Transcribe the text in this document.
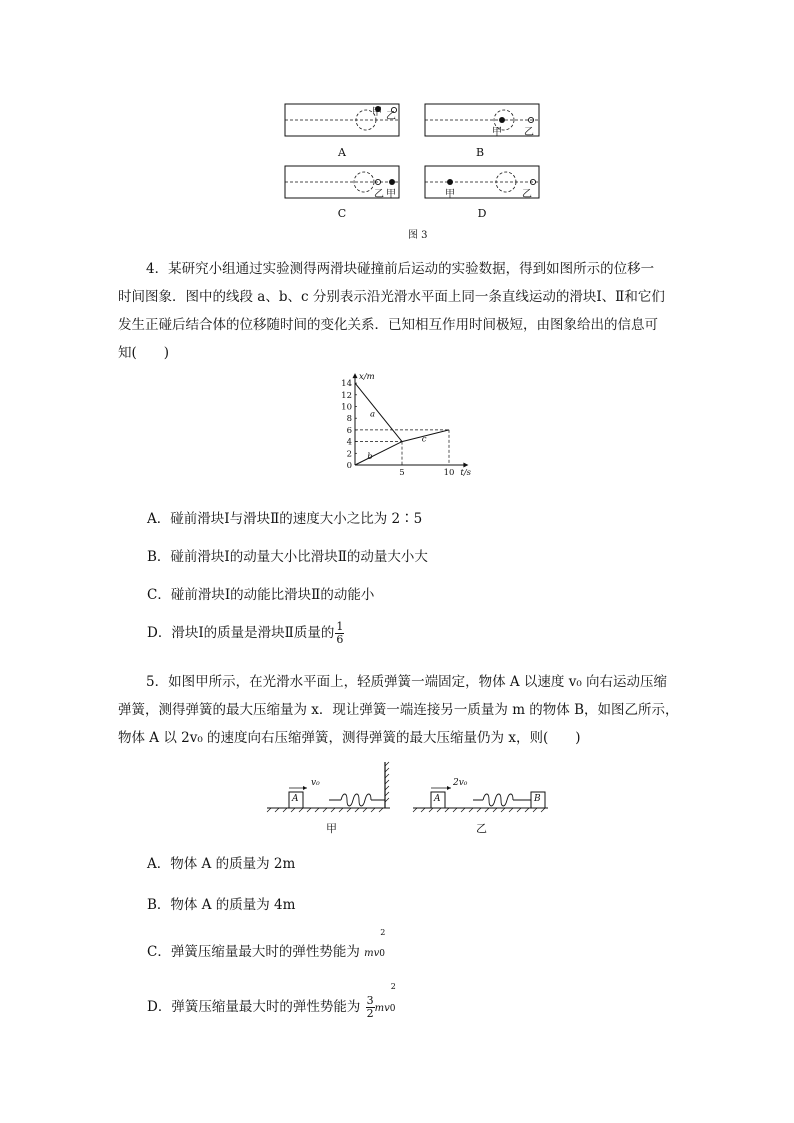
甲 乙
甲 乙
乙 甲	甲	乙
A	B
C	D
图 3
4．某研究小组通过实验测得两滑块碰撞前后运动的实验数据，得到如图所示的位移一
时间图象．图中的线段 a、b、c 分别表示沿光滑水平面上同一条直线运动的滑块Ⅰ、Ⅱ和它们
发生正碰后结合体的位移随时间的变化关系．已知相互作用时间极短，由图象给出的信息可
知(　　)
14
12
10
8
6
4
2
0
5	10
x/m
t/s
a
b
c
A．碰前滑块Ⅰ与滑块Ⅱ的速度大小之比为 2∶5
B．碰前滑块Ⅰ的动量大小比滑块Ⅱ的动量大小大
C．碰前滑块Ⅰ的动能比滑块Ⅱ的动能小
D．滑块Ⅰ的质量是滑块Ⅱ质量的 $\frac{1}{6}$
5．如图甲所示，在光滑水平面上，轻质弹簧一端固定，物体 A 以速度 v₀ 向右运动压缩
弹簧，测得弹簧的最大压缩量为 x．现让弹簧一端连接另一质量为 m 的物体 B，如图乙所示，
物体 A 以 2v₀ 的速度向右压缩弹簧，测得弹簧的最大压缩量仍为 x，则(　　)
A	A	B
v₀	2v₀
甲	乙
A．物体 A 的质量为 2m
B．物体 A 的质量为 4m
C．弹簧压缩量最大时的弹性势能为 mv
2
0
D．弹簧压缩量最大时的弹性势能为 $\frac{3}{2}$ mv
2
0
